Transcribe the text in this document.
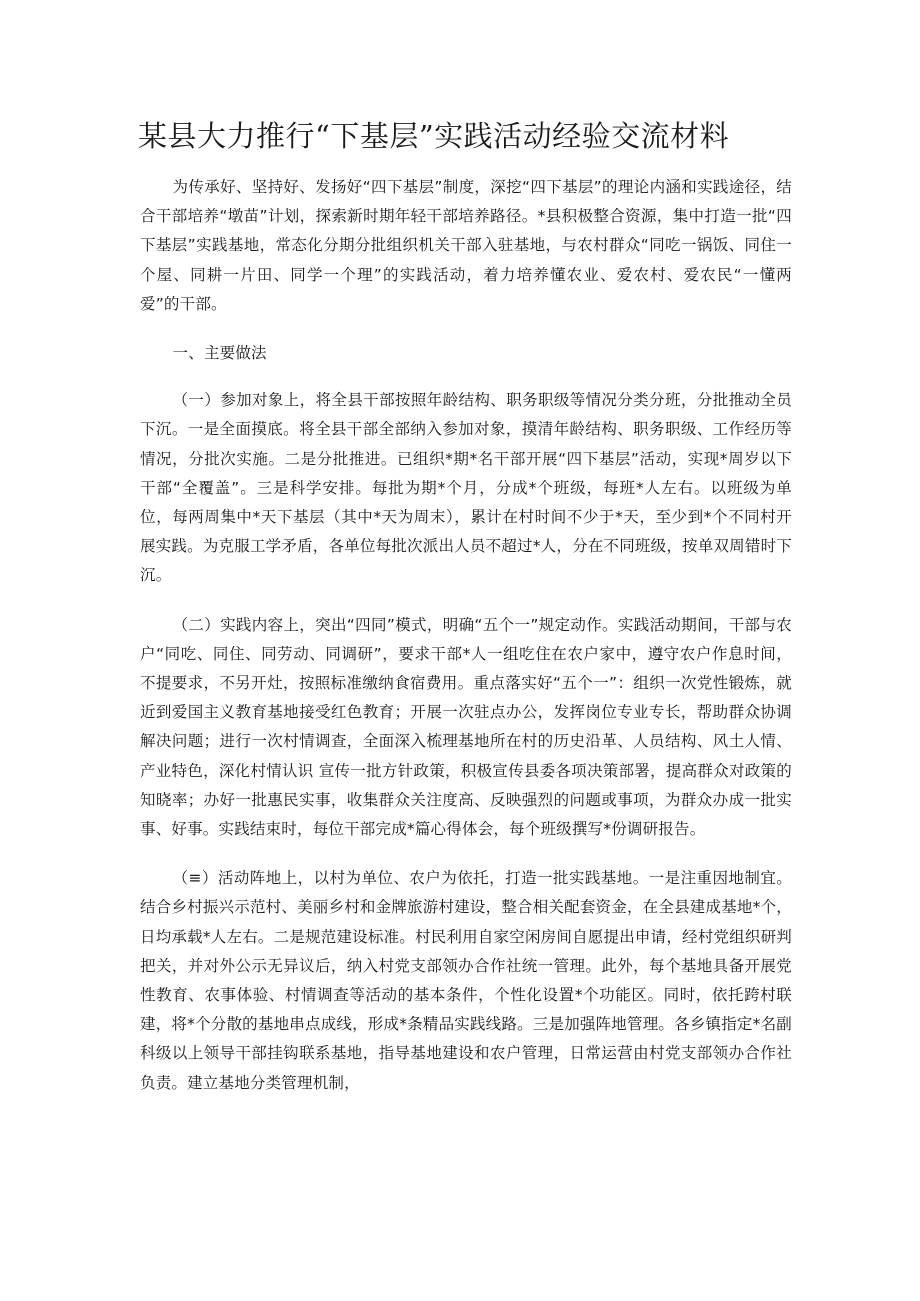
某县大力推行“下基层”实践活动经验交流材料

为传承好、坚持好、发扬好“四下基层”制度，深挖“四下基层”的理论内涵和实践途径，结合干部培养“墩苗”计划，探索新时期年轻干部培养路径。*县积极整合资源，集中打造一批“四下基层”实践基地，常态化分期分批组织机关干部入驻基地，与农村群众“同吃一锅饭、同住一个屋、同耕一片田、同学一个理”的实践活动，着力培养懂农业、爱农村、爱农民“一懂两爱”的干部。

一、主要做法

（一）参加对象上，将全县干部按照年龄结构、职务职级等情况分类分班，分批推动全员下沉。一是全面摸底。将全县干部全部纳入参加对象，摸清年龄结构、职务职级、工作经历等情况，分批次实施。二是分批推进。已组织*期*名干部开展“四下基层”活动，实现*周岁以下干部“全覆盖”。三是科学安排。每批为期*个月，分成*个班级，每班*人左右。以班级为单位，每两周集中*天下基层（其中*天为周末），累计在村时间不少于*天，至少到*个不同村开展实践。为克服工学矛盾，各单位每批次派出人员不超过*人，分在不同班级，按单双周错时下沉。

（二）实践内容上，突出“四同”模式，明确“五个一”规定动作。实践活动期间，干部与农户“同吃、同住、同劳动、同调研”，要求干部*人一组吃住在农户家中，遵守农户作息时间，不提要求，不另开灶，按照标准缴纳食宿费用。重点落实好“五个一”：组织一次党性锻炼，就近到爱国主义教育基地接受红色教育；开展一次驻点办公，发挥岗位专业专长，帮助群众协调解决问题；进行一次村情调查，全面深入梳理基地所在村的历史沿革、人员结构、风土人情、产业特色，深化村情认识 宣传一批方针政策，积极宣传县委各项决策部署，提高群众对政策的知晓率；办好一批惠民实事，收集群众关注度高、反映强烈的问题或事项，为群众办成一批实事、好事。实践结束时，每位干部完成*篇心得体会，每个班级撰写*份调研报告。

（≡）活动阵地上，以村为单位、农户为依托，打造一批实践基地。一是注重因地制宜。结合乡村振兴示范村、美丽乡村和金牌旅游村建设，整合相关配套资金，在全县建成基地*个，日均承载*人左右。二是规范建设标准。村民利用自家空闲房间自愿提出申请，经村党组织研判把关，并对外公示无异议后，纳入村党支部领办合作社统一管理。此外，每个基地具备开展党性教育、农事体验、村情调查等活动的基本条件，个性化设置*个功能区。同时，依托跨村联建，将*个分散的基地串点成线，形成*条精品实践线路。三是加强阵地管理。各乡镇指定*名副科级以上领导干部挂钩联系基地，指导基地建设和农户管理，日常运营由村党支部领办合作社负责。建立基地分类管理机制，
